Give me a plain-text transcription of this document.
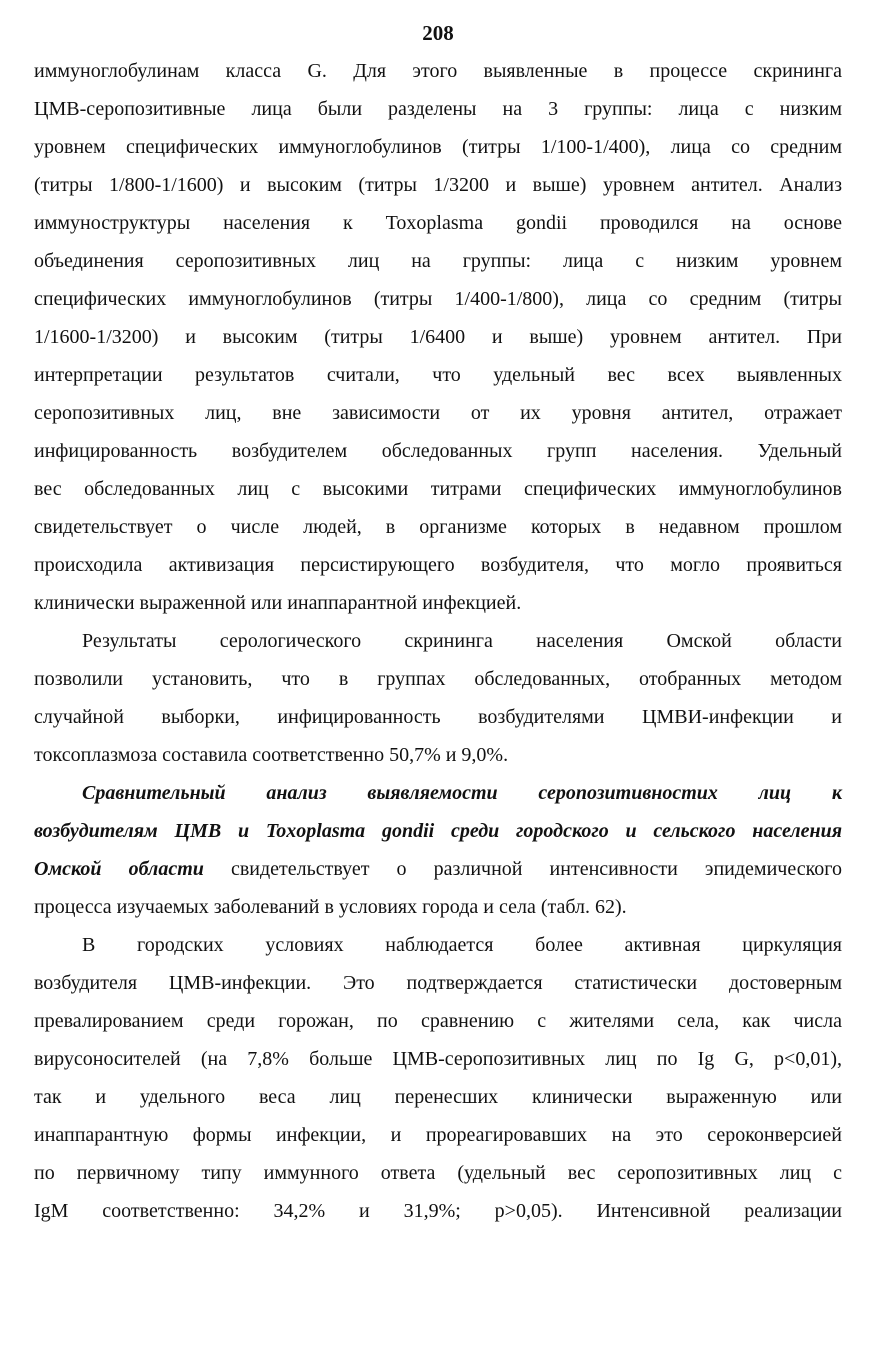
208
иммуноглобулинам класса G. Для этого выявленные в процессе скрининга
ЦМВ-серопозитивные лица были разделены на 3 группы: лица с низким
уровнем специфических иммуноглобулинов (титры 1/100-1/400), лица со средним
(титры 1/800-1/1600) и высоким (титры 1/3200 и выше) уровнем антител. Анализ
иммуноструктуры населения к Toxoplasma gondii проводился на основе
объединения серопозитивных лиц на группы: лица с низким уровнем
специфических иммуноглобулинов (титры 1/400-1/800), лица со средним (титры
1/1600-1/3200) и высоким (титры 1/6400 и выше) уровнем антител. При
интерпретации результатов считали, что удельный вес всех выявленных
серопозитивных лиц, вне зависимости от их уровня антител, отражает
инфицированность возбудителем обследованных групп населения. Удельный
вес обследованных лиц с высокими титрами специфических иммуноглобулинов
свидетельствует о числе людей, в организме которых в недавном прошлом
происходила активизация персистирующего возбудителя, что могло проявиться
клинически выраженной или инаппарантной инфекцией.
Результаты серологического скрининга населения Омской области
позволили установить, что в группах обследованных, отобранных методом
случайной выборки, инфицированность возбудителями ЦМВИ-инфекции и
токсоплазмоза составила соответственно 50,7% и 9,0%.
Сравнительный анализ выявляемости серопозитивностих лиц к
возбудителям ЦМВ и Toxoplasma gondii среди городского и сельского населения
Омской области свидетельствует о различной интенсивности эпидемического
процесса изучаемых заболеваний в условиях города и села (табл. 62).
В городских условиях наблюдается более активная циркуляция
возбудителя ЦМВ-инфекции. Это подтверждается статистически достоверным
превалированием среди горожан, по сравнению с жителями села, как числа
вирусоносителей (на 7,8% больше ЦМВ-серопозитивных лиц по Ig G, p<0,01),
так и удельного веса лиц перенесших клинически выраженную или
инаппарантную формы инфекции, и прореагировавших на это сероконверсией
по первичному типу иммунного ответа (удельный вес серопозитивных лиц с
IgM соответственно: 34,2% и 31,9%; p>0,05). Интенсивной реализации
